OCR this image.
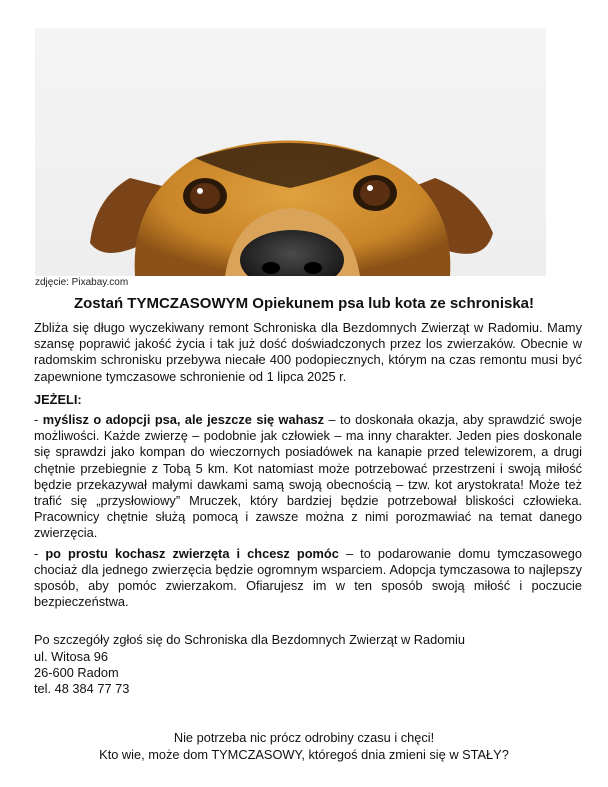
zdjęcie: Pixabay.com
Zostań TYMCZASOWYM Opiekunem psa lub kota ze schroniska!

Zbliża się długo wyczekiwany remont Schroniska dla Bezdomnych Zwierząt w Radomiu. Mamy szansę poprawić jakość życia i tak już dość doświadczonych przez los zwierzaków. Obecnie w radomskim schronisku przebywa niecałe 400 podopiecznych, którym na czas remontu musi być zapewnione tymczasowe schronienie od 1 lipca 2025 r.

JEŻELI:

- myślisz o adopcji psa, ale jeszcze się wahasz – to doskonała okazja, aby sprawdzić swoje możliwości. Każde zwierzę – podobnie jak człowiek – ma inny charakter. Jeden pies doskonale się sprawdzi jako kompan do wieczornych posiadówek na kanapie przed telewizorem, a drugi chętnie przebiegnie z Tobą 5 km. Kot natomiast może potrzebować przestrzeni i swoją miłość będzie przekazywał małymi dawkami samą swoją obecnością – tzw. kot arystokrata! Może też trafić się „przysłowiowy” Mruczek, który bardziej będzie potrzebował bliskości człowieka. Pracownicy chętnie służą pomocą i zawsze można z nimi porozmawiać na temat danego zwierzęcia.

- po prostu kochasz zwierzęta i chcesz pomóc – to podarowanie domu tymczasowego chociaż dla jednego zwierzęcia będzie ogromnym wsparciem. Adopcja tymczasowa to najlepszy sposób, aby pomóc zwierzakom. Ofiarujesz im w ten sposób swoją miłość i poczucie bezpieczeństwa.

Po szczegóły zgłoś się do Schroniska dla Bezdomnych Zwierząt w Radomiu
ul. Witosa 96
26-600 Radom
tel. 48 384 77 73

Nie potrzeba nic prócz odrobiny czasu i chęci!
Kto wie, może dom TYMCZASOWY, któregoś dnia zmieni się w STAŁY?
